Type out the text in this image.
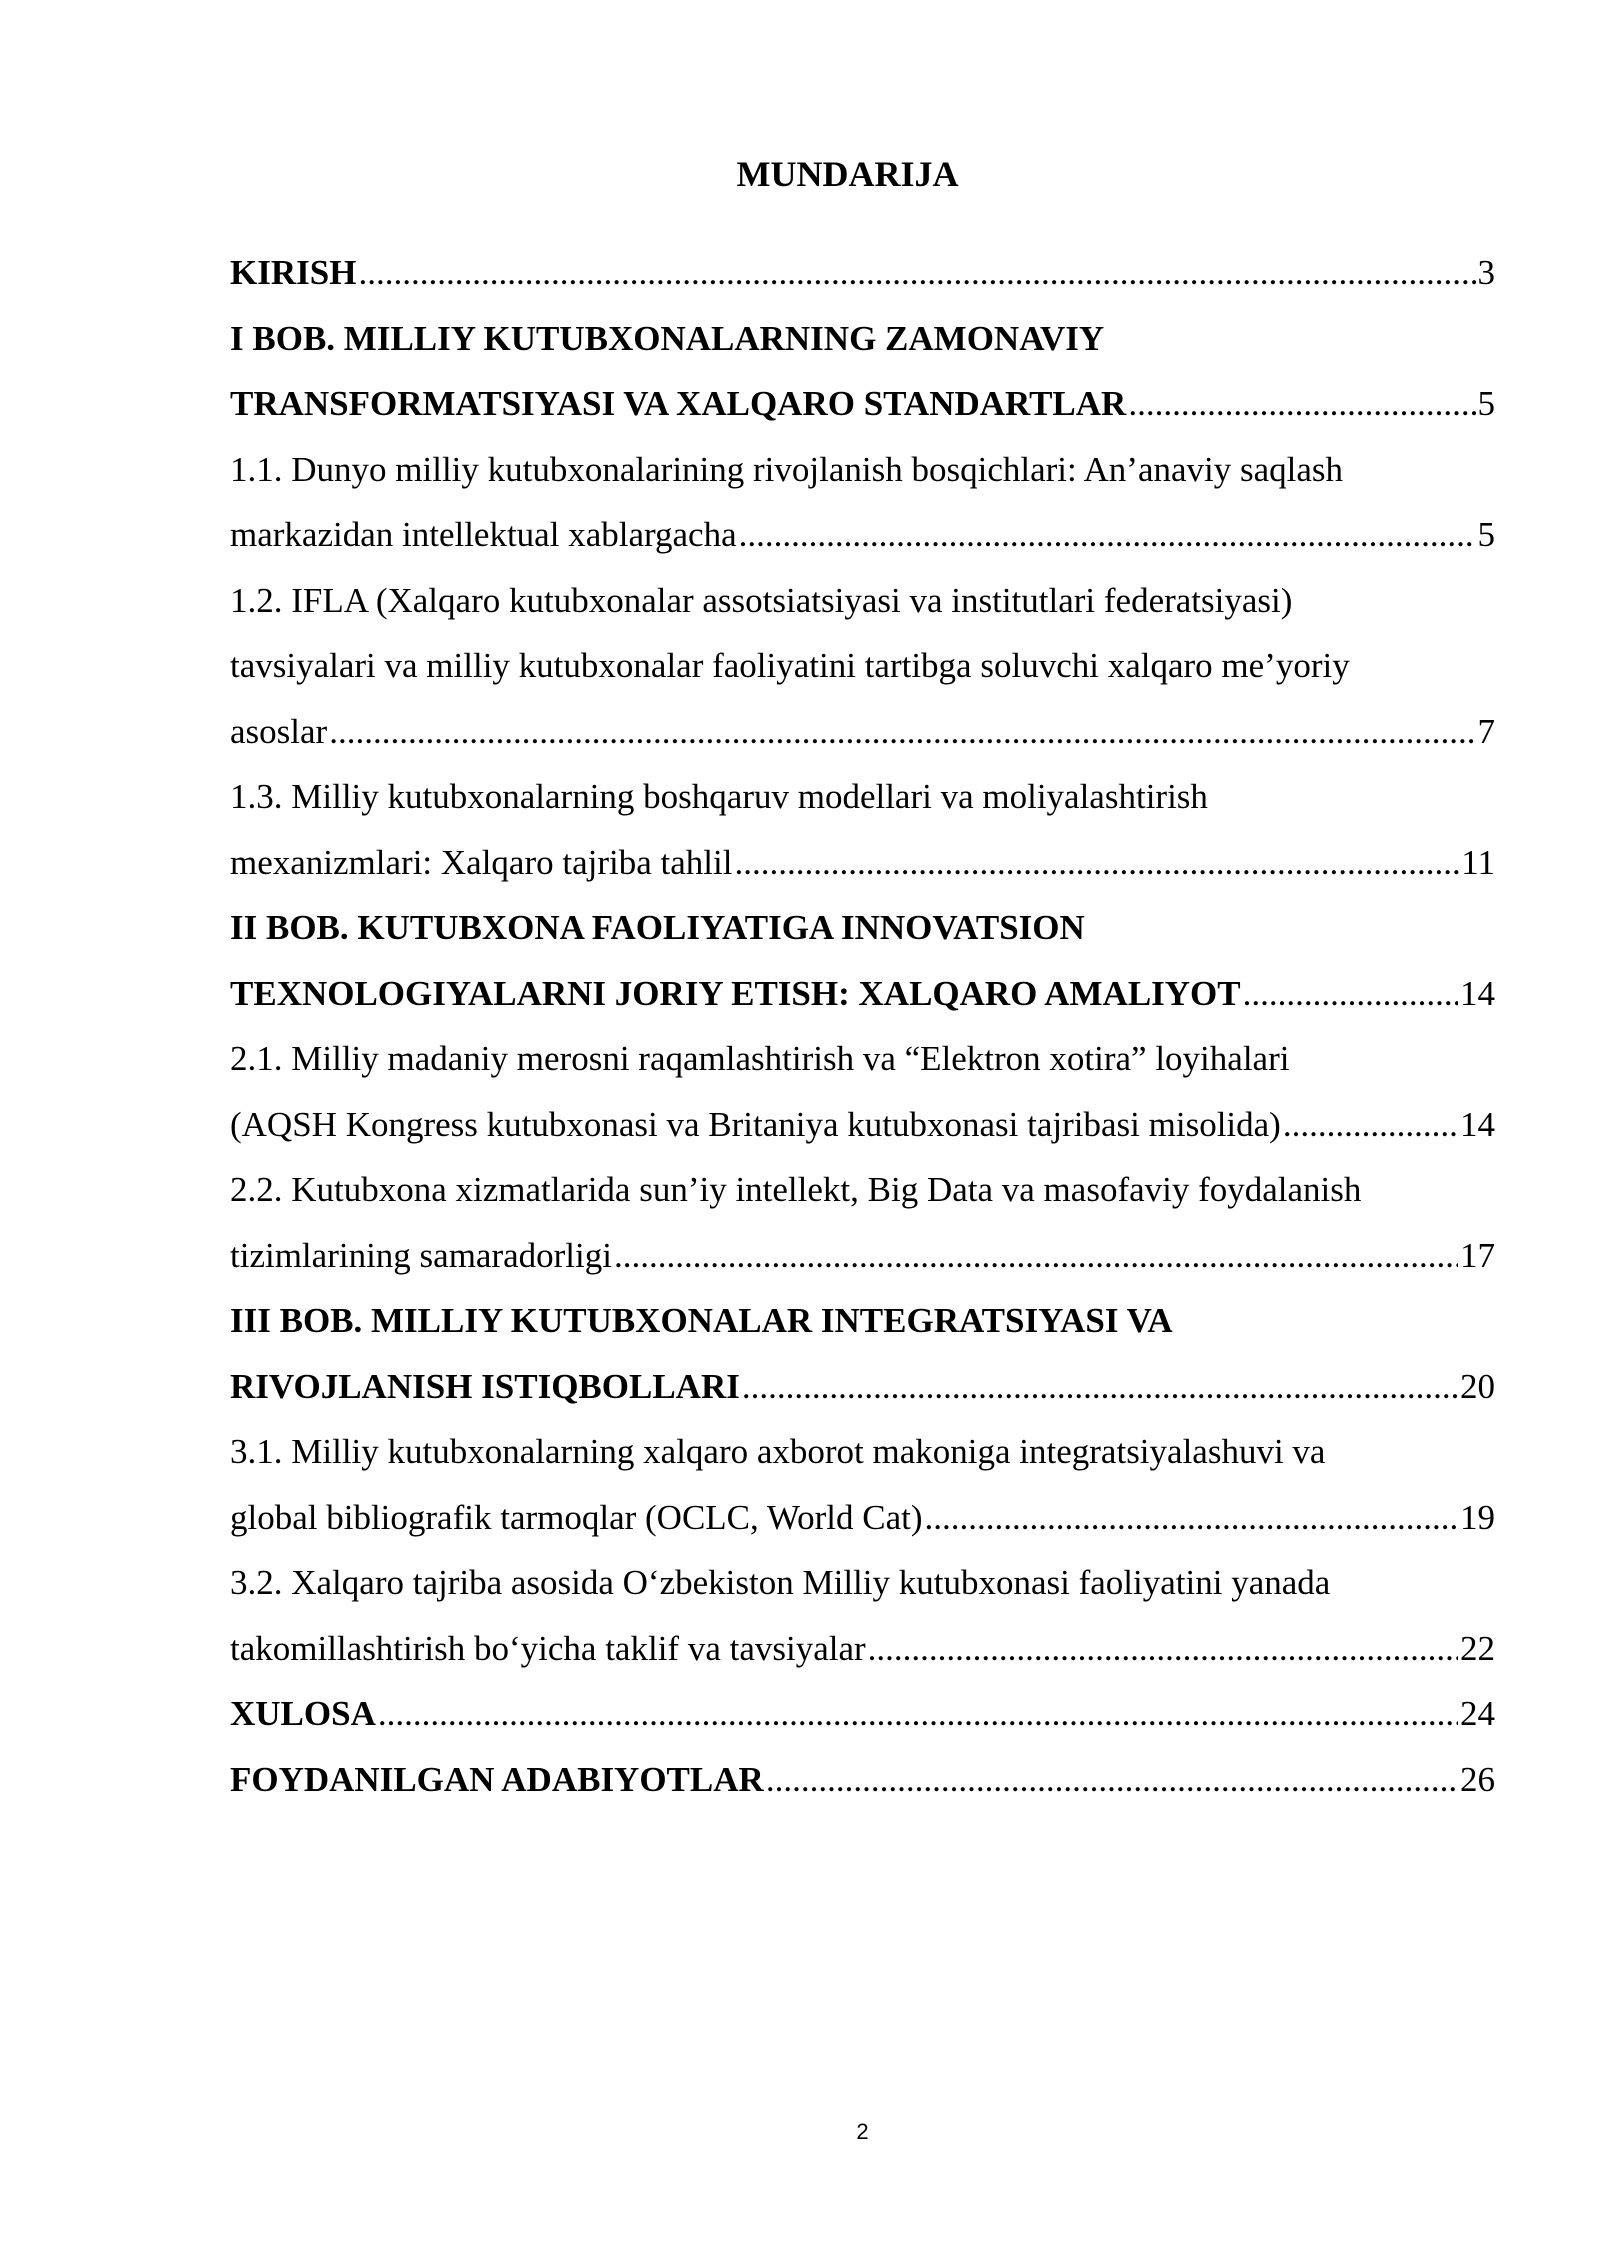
MUNDARIJA
KIRISH .....	3
I BOB. MILLIY KUTUBXONALARNING ZAMONAVIY
TRANSFORMATSIYASI VA XALQARO STANDARTLAR .....	5
1.1. Dunyo milliy kutubxonalarining rivojlanish bosqichlari: An’anaviy saqlash
markazidan intellektual xablargacha .....	5
1.2. IFLA (Xalqaro kutubxonalar assotsiatsiyasi va institutlari federatsiyasi)
tavsiyalari va milliy kutubxonalar faoliyatini tartibga soluvchi xalqaro me’yoriy
asoslar .....	7
1.3. Milliy kutubxonalarning boshqaruv modellari va moliyalashtirish
mexanizmlari: Xalqaro tajriba tahlil .....	11
II BOB. KUTUBXONA FAOLIYATIGA INNOVATSION
TEXNOLOGIYALARNI JORIY ETISH: XALQARO AMALIYOT .....	14
2.1. Milliy madaniy merosni raqamlashtirish va “Elektron xotira” loyihalari
(AQSH Kongress kutubxonasi va Britaniya kutubxonasi tajribasi misolida) .....	14
2.2. Kutubxona xizmatlarida sun’iy intellekt, Big Data va masofaviy foydalanish
tizimlarining samaradorligi .....	17
III BOB. MILLIY KUTUBXONALAR INTEGRATSIYASI VA
RIVOJLANISH ISTIQBOLLARI .....	20
3.1. Milliy kutubxonalarning xalqaro axborot makoniga integratsiyalashuvi va
global bibliografik tarmoqlar (OCLC, World Cat) .....	19
3.2. Xalqaro tajriba asosida O‘zbekiston Milliy kutubxonasi faoliyatini yanada
takomillashtirish bo‘yicha taklif va tavsiyalar .....	22
XULOSA .....	24
FOYDANILGAN ADABIYOTLAR .....	26
2
